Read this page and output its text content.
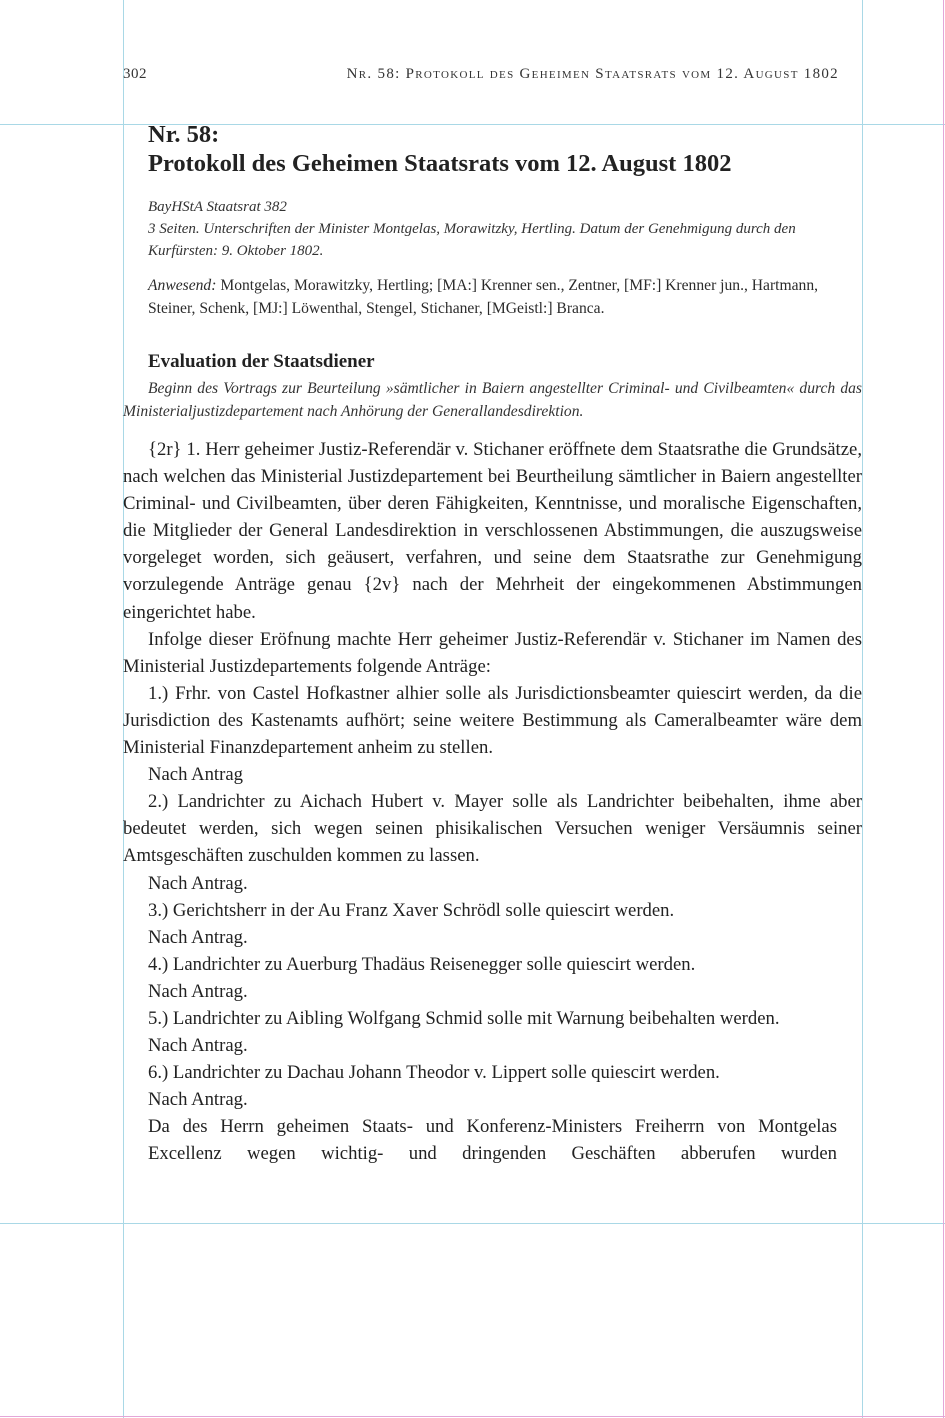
302	Nr. 58: Protokoll des Geheimen Staatsrats vom 12. August 1802
Nr. 58:
Protokoll des Geheimen Staatsrats vom 12. August 1802
BayHStA Staatsrat 382
3 Seiten. Unterschriften der Minister Montgelas, Morawitzky, Hertling. Datum der Genehmigung durch den Kurfürsten: 9. Oktober 1802.
Anwesend: Montgelas, Morawitzky, Hertling; [MA:] Krenner sen., Zentner, [MF:] Krenner jun., Hartmann, Steiner, Schenk, [MJ:] Löwenthal, Stengel, Stichaner, [MGeistl:] Branca.
Evaluation der Staatsdiener
Beginn des Vortrags zur Beurteilung »sämtlicher in Baiern angestellter Criminal- und Civilbeamten« durch das Ministerialjustizdepartement nach Anhörung der Generallandesdirektion.

{2r} 1. Herr geheimer Justiz-Referendär v. Stichaner eröffnete dem Staatsrathe die Grundsätze, nach welchen das Ministerial Justizdepartement bei Beurtheilung sämtlicher in Baiern angestellter Criminal- und Civilbeamten, über deren Fähigkeiten, Kenntnisse, und moralische Eigenschaften, die Mitglieder der General Landesdirektion in verschlossenen Abstimmungen, die auszugsweise vorgeleget worden, sich geäusert, verfahren, und seine dem Staatsrathe zur Genehmigung vorzulegende Anträge genau {2v} nach der Mehrheit der eingekommenen Abstimmungen eingerichtet habe.

Infolge dieser Eröfnung machte Herr geheimer Justiz-Referendär v. Stichaner im Namen des Ministerial Justizdepartements folgende Anträge:

1.) Frhr. von Castel Hofkastner alhier solle als Jurisdictionsbeamter quiescirt werden, da die Jurisdiction des Kastenamts aufhört; seine weitere Bestimmung als Cameralbeamter wäre dem Ministerial Finanzdepartement anheim zu stellen.

Nach Antrag

2.) Landrichter zu Aichach Hubert v. Mayer solle als Landrichter beibehalten, ihme aber bedeutet werden, sich wegen seinen phisikalischen Versuchen weniger Versäumnis seiner Amtsgeschäften zuschulden kommen zu lassen.

Nach Antrag.

3.) Gerichtsherr in der Au Franz Xaver Schrödl solle quiescirt werden.

Nach Antrag.

4.) Landrichter zu Auerburg Thadäus Reisenegger solle quiescirt werden.

Nach Antrag.

5.) Landrichter zu Aibling Wolfgang Schmid solle mit Warnung beibehalten werden.

Nach Antrag.

6.) Landrichter zu Dachau Johann Theodor v. Lippert solle quiescirt werden.

Nach Antrag.

Da des Herrn geheimen Staats- und Konferenz-Ministers Freiherrn von Montgelas Excellenz wegen wichtig- und dringenden Geschäften abberufen wurden
